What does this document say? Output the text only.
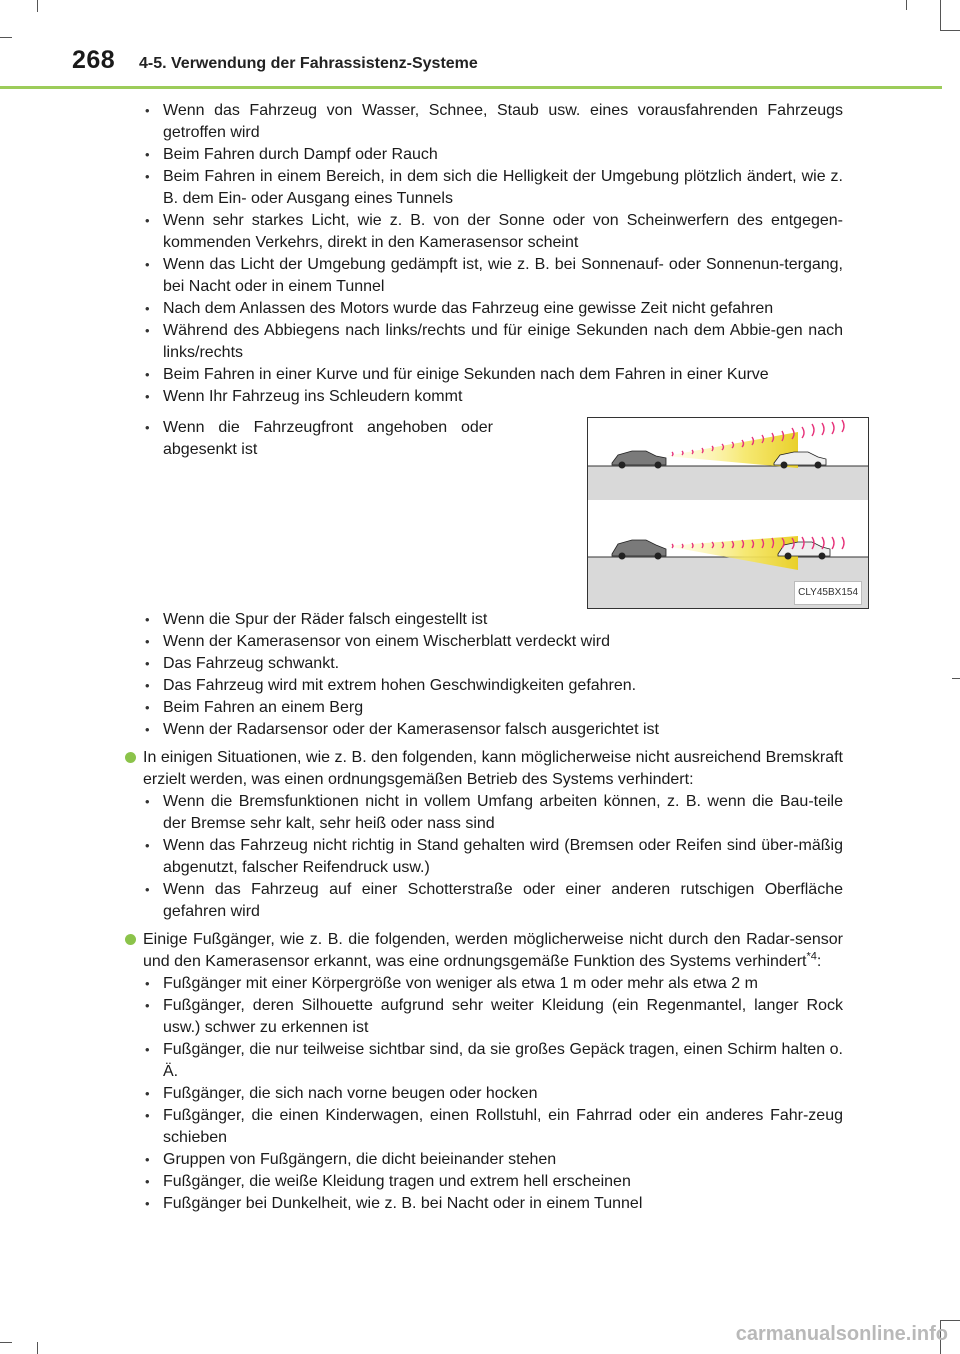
268 4-5. Verwendung der Fahrassistenz-Systeme
• Wenn das Fahrzeug von Wasser, Schnee, Staub usw. eines vorausfahrenden Fahrzeugs getroffen wird
• Beim Fahren durch Dampf oder Rauch
• Beim Fahren in einem Bereich, in dem sich die Helligkeit der Umgebung plötzlich ändert, wie z. B. dem Ein- oder Ausgang eines Tunnels
• Wenn sehr starkes Licht, wie z. B. von der Sonne oder von Scheinwerfern des entgegen-kommenden Verkehrs, direkt in den Kamerasensor scheint
• Wenn das Licht der Umgebung gedämpft ist, wie z. B. bei Sonnenauf- oder Sonnenun-tergang, bei Nacht oder in einem Tunnel
• Nach dem Anlassen des Motors wurde das Fahrzeug eine gewisse Zeit nicht gefahren
• Während des Abbiegens nach links/rechts und für einige Sekunden nach dem Abbie-gen nach links/rechts
• Beim Fahren in einer Kurve und für einige Sekunden nach dem Fahren in einer Kurve
• Wenn Ihr Fahrzeug ins Schleudern kommt
• Wenn die Fahrzeugfront angehoben oder abgesenkt ist
CLY45BX154
• Wenn die Spur der Räder falsch eingestellt ist
• Wenn der Kamerasensor von einem Wischerblatt verdeckt wird
• Das Fahrzeug schwankt.
• Das Fahrzeug wird mit extrem hohen Geschwindigkeiten gefahren.
• Beim Fahren an einem Berg
• Wenn der Radarsensor oder der Kamerasensor falsch ausgerichtet ist
In einigen Situationen, wie z. B. den folgenden, kann möglicherweise nicht ausreichend Bremskraft erzielt werden, was einen ordnungsgemäßen Betrieb des Systems verhindert:
• Wenn die Bremsfunktionen nicht in vollem Umfang arbeiten können, z. B. wenn die Bau-teile der Bremse sehr kalt, sehr heiß oder nass sind
• Wenn das Fahrzeug nicht richtig in Stand gehalten wird (Bremsen oder Reifen sind über-mäßig abgenutzt, falscher Reifendruck usw.)
• Wenn das Fahrzeug auf einer Schotterstraße oder einer anderen rutschigen Oberfläche gefahren wird
Einige Fußgänger, wie z. B. die folgenden, werden möglicherweise nicht durch den Radar-sensor und den Kamerasensor erkannt, was eine ordnungsgemäße Funktion des Systems verhindert$^{*4}$:
• Fußgänger mit einer Körpergröße von weniger als etwa 1 m oder mehr als etwa 2 m
• Fußgänger, deren Silhouette aufgrund sehr weiter Kleidung (ein Regenmantel, langer Rock usw.) schwer zu erkennen ist
• Fußgänger, die nur teilweise sichtbar sind, da sie großes Gepäck tragen, einen Schirm halten o. Ä.
• Fußgänger, die sich nach vorne beugen oder hocken
• Fußgänger, die einen Kinderwagen, einen Rollstuhl, ein Fahrrad oder ein anderes Fahr-zeug schieben
• Gruppen von Fußgängern, die dicht beieinander stehen
• Fußgänger, die weiße Kleidung tragen und extrem hell erscheinen
• Fußgänger bei Dunkelheit, wie z. B. bei Nacht oder in einem Tunnel
carmanualsonline.info
